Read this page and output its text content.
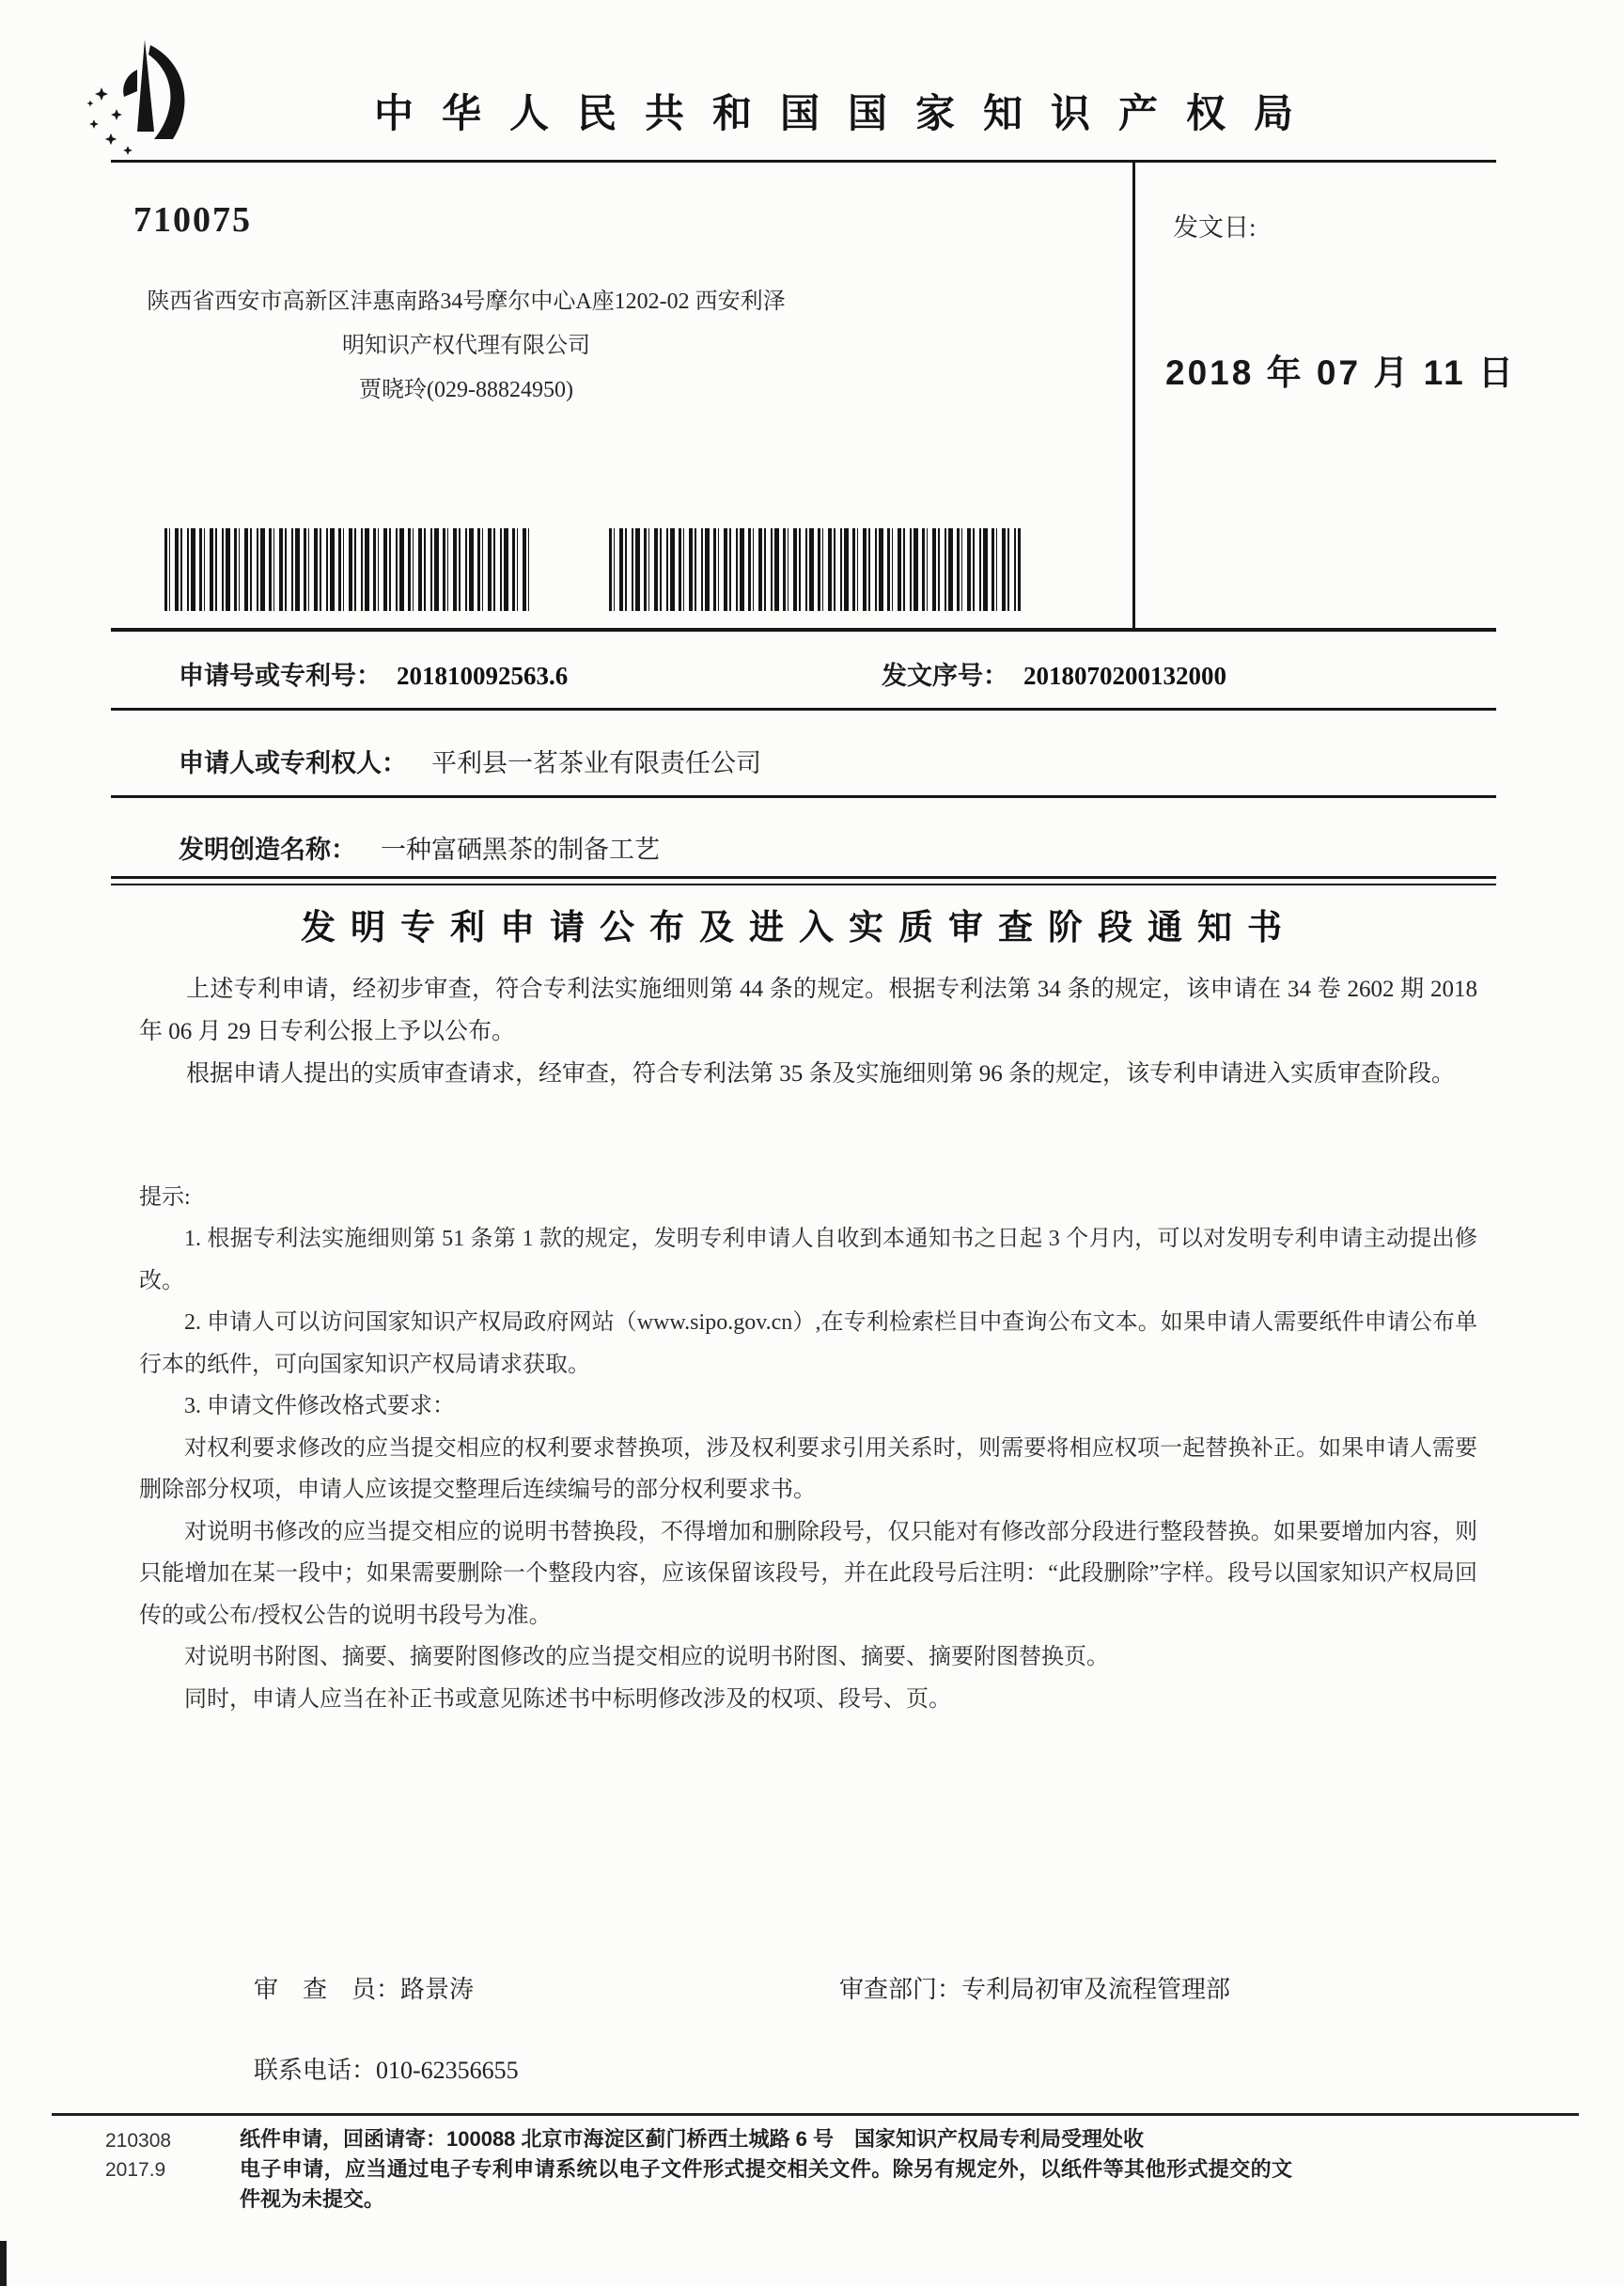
中华人民共和国国家知识产权局
710075
陕西省西安市高新区沣惠南路34号摩尔中心A座1202-02 西安利泽
明知识产权代理有限公司
贾晓玲(029-88824950)
发文日:
2018 年 07 月 11 日
申请号或专利号： 201810092563.6	发文序号： 2018070200132000
申请人或专利权人： 平利县一茗茶业有限责任公司
发明创造名称： 一种富硒黑茶的制备工艺
发明专利申请公布及进入实质审查阶段通知书

上述专利申请，经初步审查，符合专利法实施细则第 44 条的规定。根据专利法第 34 条的规定，该申请在 34 卷 2602 期 2018 年 06 月 29 日专利公报上予以公布。

根据申请人提出的实质审查请求，经审查，符合专利法第 35 条及实施细则第 96 条的规定，该专利申请进入实质审查阶段。

提示:

1. 根据专利法实施细则第 51 条第 1 款的规定，发明专利申请人自收到本通知书之日起 3 个月内，可以对发明专利申请主动提出修改。

2. 申请人可以访问国家知识产权局政府网站（www.sipo.gov.cn）,在专利检索栏目中查询公布文本。如果申请人需要纸件申请公布单行本的纸件，可向国家知识产权局请求获取。

3. 申请文件修改格式要求：

对权利要求修改的应当提交相应的权利要求替换项，涉及权利要求引用关系时，则需要将相应权项一起替换补正。如果申请人需要删除部分权项，申请人应该提交整理后连续编号的部分权利要求书。

对说明书修改的应当提交相应的说明书替换段，不得增加和删除段号，仅只能对有修改部分段进行整段替换。如果要增加内容，则只能增加在某一段中；如果需要删除一个整段内容，应该保留该段号，并在此段号后注明：“此段删除”字样。段号以国家知识产权局回传的或公布/授权公告的说明书段号为准。

对说明书附图、摘要、摘要附图修改的应当提交相应的说明书附图、摘要、摘要附图替换页。

同时，申请人应当在补正书或意见陈述书中标明修改涉及的权项、段号、页。

审　查　员：路景涛	审查部门：专利局初审及流程管理部
联系电话：010-62356655
210308
2017.9
纸件申请，回函请寄：100088 北京市海淀区蓟门桥西土城路 6 号　国家知识产权局专利局受理处收
电子申请，应当通过电子专利申请系统以电子文件形式提交相关文件。除另有规定外，以纸件等其他形式提交的文件视为未提交。
